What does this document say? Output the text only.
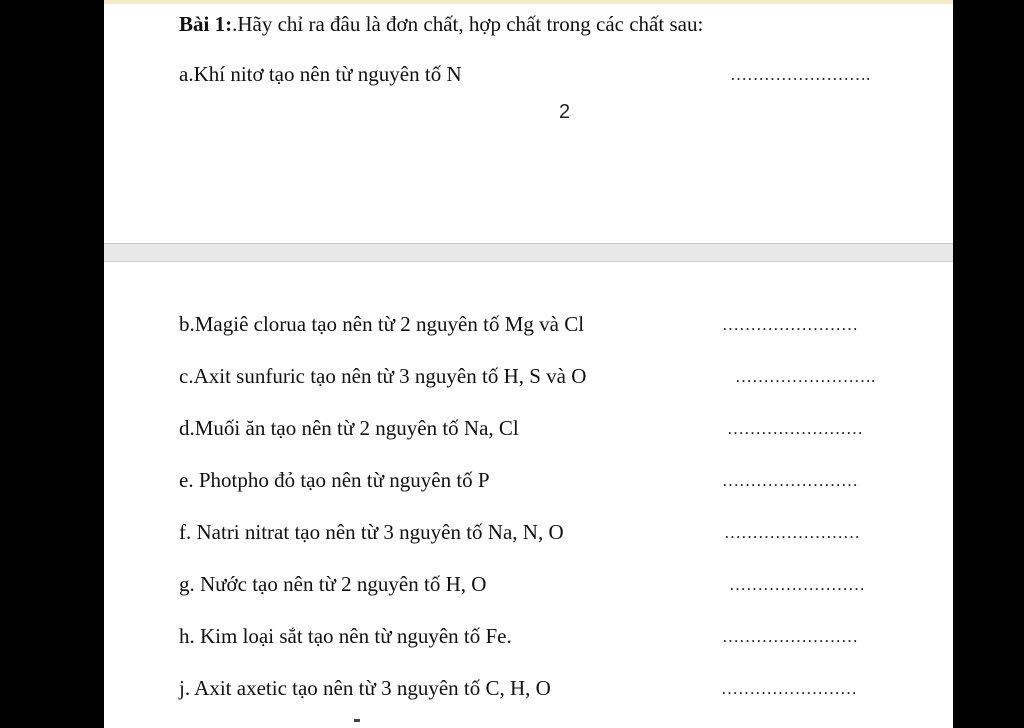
Bài 1:.Hãy chỉ ra đâu là đơn chất, hợp chất trong các chất sau:
a.Khí nitơ tạo nên từ nguyên tố N	…………………….
2
b.Magiê clorua tạo nên từ 2 nguyên tố Mg và Cl	……………………
c.Axit sunfuric tạo nên từ 3 nguyên tố H, S và O	…………………….
d.Muối ăn tạo nên từ 2 nguyên tố Na, Cl	……………………
e. Photpho đỏ tạo nên từ nguyên tố P	……………………
f. Natri nitrat tạo nên từ 3 nguyên tố Na, N, O	……………………
g. Nước tạo nên từ 2 nguyên tố H, O	……………………
h. Kim loại sắt tạo nên từ nguyên tố Fe.	……………………
j. Axit axetic tạo nên từ 3 nguyên tố C, H, O	……………………
